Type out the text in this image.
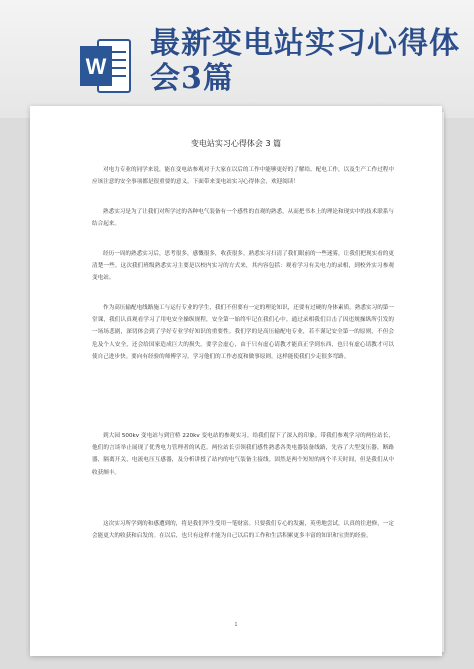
W
最新变电站实习心得体会3篇
变电站实习心得体会 3 篇

对电力专业的同学来说，能在变电站参观对于大家在以后的工作中能够更好的了解给、配电工作，以及生产工作过程中应该注意的安全事项都是很重要的意义。下面带来变电站实习心得体会，欢迎阅读！

熟悉实习是为了让我们对所学过的各种电气装备有一个感性的直观的熟悉，从而把书本上的理论和现实中的技术联系与结合起来。

经历一周的熟悉实习后，思考很多，感慨很多，收获很多。熟悉实习扫清了我们眼前的一些迷雾，让我们把现实看的更清楚一些。这次我们班级熟悉实习主要是以校内实习的方式来，其内容包括：观看学习有关电力的录相，到校外实习参观变电站。

作为高压输配电线路施工与运行专业的学生，我们不但要有一定的理论知识，还要有过硬的身体素质。熟悉实习的第一堂课，我们认真观看学习了用电安全操纵规程，安全第一始终牢记在我们心中。通过录相我们目击了因违规操纵所引发的一场场悲剧，深切体会到了学好专业学好知识的重要性。我们学的是高压输配电专业，若不谨记安全第一的原则，不但会危及个人安全，还会给国家造成巨大的损失。要学会虚心，由于只有虚心请教才能真正学到东西，也只有虚心请教才可以使自己进步快。要向有经验的师傅学习，学习他们的工作态度和做事原则。这样能使我们少走很多弯路。

到大园 500kv 变电站与到官桥 220kv 变电站的参观实习。给我们留下了深入的印象。带我们参观学习的两位站长，他们的言谈举止展现了优秀电力管理者的风范。两位站长引领我们感性熟悉各类电器装备线路，先容了大型变压器，断路器，隔离开关，电流电压互感器，及分析讲授了站内的电气装备主接线。固然是两个短短的两个半天时间，但是我们从中收获颇丰。

这次实习所学到的和感遭到的，将是我们毕生受用一笔财富。只要我们专心的发掘，英勇地尝试，认真的往进修，一定会能更大的收获和启发的。在以后，也只有这样才能为自己以后的工作和生活积累更多丰富的知识和宝贵的经验。

1
